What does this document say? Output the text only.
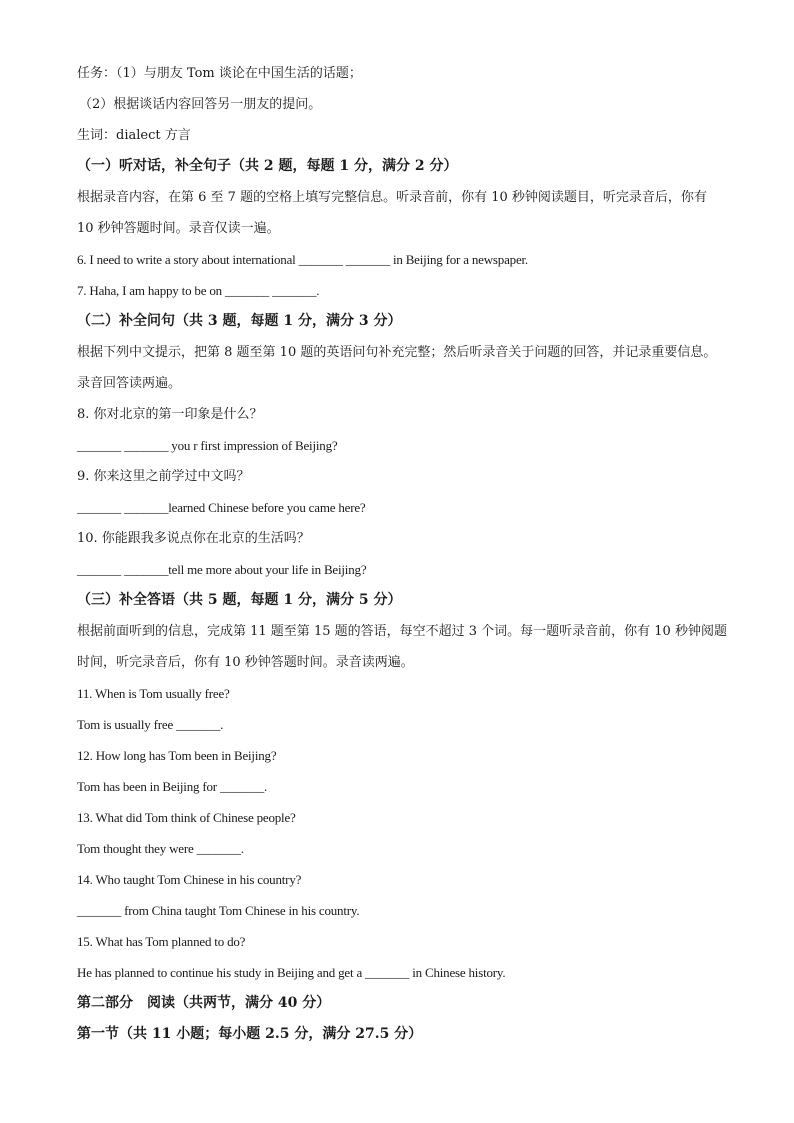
任务：（1）与朋友 Tom 谈论在中国生活的话题；
（2）根据谈话内容回答另一朋友的提问。
生词：dialect 方言
（一）听对话，补全句子（共 2 题，每题 1 分，满分 2 分）
根据录音内容，在第 6 至 7 题的空格上填写完整信息。听录音前，你有 10 秒钟阅读题目，听完录音后，你有 10 秒钟答题时间。录音仅读一遍。
6. I need to write a story about international _______ _______ in Beijing for a newspaper.
7. Haha, I am happy to be on _______ _______.
（二）补全问句（共 3 题，每题 1 分，满分 3 分）
根据下列中文提示，把第 8 题至第 10 题的英语问句补充完整；然后听录音关于问题的回答，并记录重要信息。录音回答读两遍。
8. 你对北京的第一印象是什么？
_______ _______ you r first impression of Beijing?
9. 你来这里之前学过中文吗？
_______ _______learned Chinese before you came here?
10. 你能跟我多说点你在北京的生活吗？
_______ _______tell me more about your life in Beijing?
（三）补全答语（共 5 题，每题 1 分，满分 5 分）
根据前面听到的信息，完成第 11 题至第 15 题的答语，每空不超过 3 个词。每一题听录音前，你有 10 秒钟阅题时间，听完录音后，你有 10 秒钟答题时间。录音读两遍。
11. When is Tom usually free?
Tom is usually free _______.
12. How long has Tom been in Beijing?
Tom has been in Beijing for _______.
13. What did Tom think of Chinese people?
Tom thought they were _______.
14. Who taught Tom Chinese in his country?
_______ from China taught Tom Chinese in his country.
15. What has Tom planned to do?
He has planned to continue his study in Beijing and get a _______ in Chinese history.
第二部分　阅读（共两节，满分 40 分）
第一节（共 11 小题；每小题 2.5 分，满分 27.5 分）
